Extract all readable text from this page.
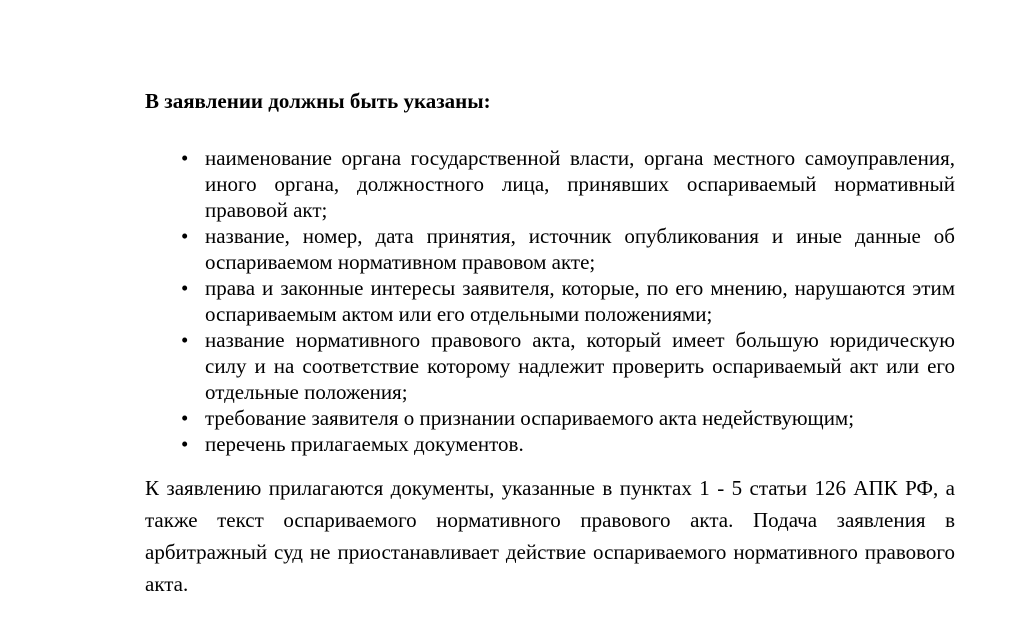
В заявлении должны быть указаны:
• наименование органа государственной власти, органа местного самоуправления, иного органа, должностного лица, принявших оспариваемый нормативный правовой акт;
• название, номер, дата принятия, источник опубликования и иные данные об оспариваемом нормативном правовом акте;
• права и законные интересы заявителя, которые, по его мнению, нарушаются этим оспариваемым актом или его отдельными положениями;
• название нормативного правового акта, который имеет большую юридическую силу и на соответствие которому надлежит проверить оспариваемый акт или его отдельные положения;
• требование заявителя о признании оспариваемого акта недействующим;
• перечень прилагаемых документов.

К заявлению прилагаются документы, указанные в пунктах 1 - 5 статьи 126 АПК РФ, а также текст оспариваемого нормативного правового акта. Подача заявления в арбитражный суд не приостанавливает действие оспариваемого нормативного правового акта.
